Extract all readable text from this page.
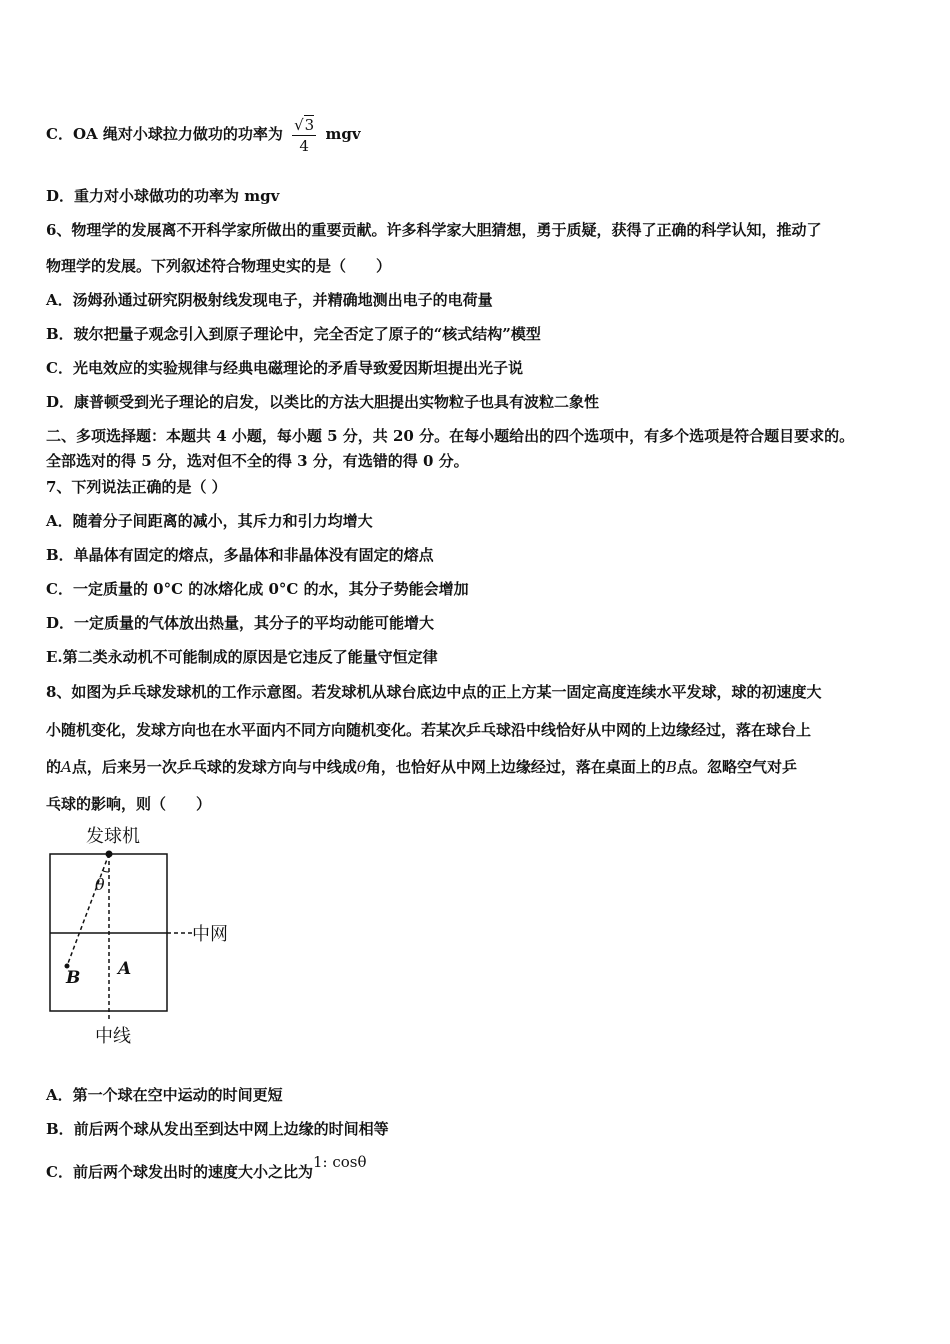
C．OA 绳对小球拉力做功的功率为 $\frac{√3}{4}$ mgv
D．重力对小球做功的功率为 mgv
6、物理学的发展离不开科学家所做出的重要贡献。许多科学家大胆猜想，勇于质疑，获得了正确的科学认知，推动了
物理学的发展。下列叙述符合物理史实的是（　　）
A．汤姆孙通过研究阴极射线发现电子，并精确地测出电子的电荷量
B．玻尔把量子观念引入到原子理论中，完全否定了原子的“核式结构”模型
C．光电效应的实验规律与经典电磁理论的矛盾导致爱因斯坦提出光子说
D．康普顿受到光子理论的启发，以类比的方法大胆提出实物粒子也具有波粒二象性
二、多项选择题：本题共 4 小题，每小题 5 分，共 20 分。在每小题给出的四个选项中，有多个选项是符合题目要求的。
全部选对的得 5 分，选对但不全的得 3 分，有选错的得 0 分。
7、下列说法正确的是（ ）
A．随着分子间距离的减小，其斥力和引力均增大
B．单晶体有固定的熔点，多晶体和非晶体没有固定的熔点
C．一定质量的 0°C 的冰熔化成 0°C 的水，其分子势能会增加
D．一定质量的气体放出热量，其分子的平均动能可能增大
E.第二类永动机不可能制成的原因是它违反了能量守恒定律
8、如图为乒乓球发球机的工作示意图。若发球机从球台底边中点的正上方某一固定高度连续水平发球，球的初速度大
小随机变化，发球方向也在水平面内不同方向随机变化。若某次乒乓球沿中线恰好从中网的上边缘经过，落在球台上
的A点，后来另一次乒乓球的发球方向与中线成θ角，也恰好从中网上边缘经过，落在桌面上的B点。忽略空气对乒
乓球的影响，则（　　）
发球机
中网
θ
A
B
中线
A．第一个球在空中运动的时间更短
B．前后两个球从发出至到达中网上边缘的时间相等
C．前后两个球发出时的速度大小之比为1: cosθ
